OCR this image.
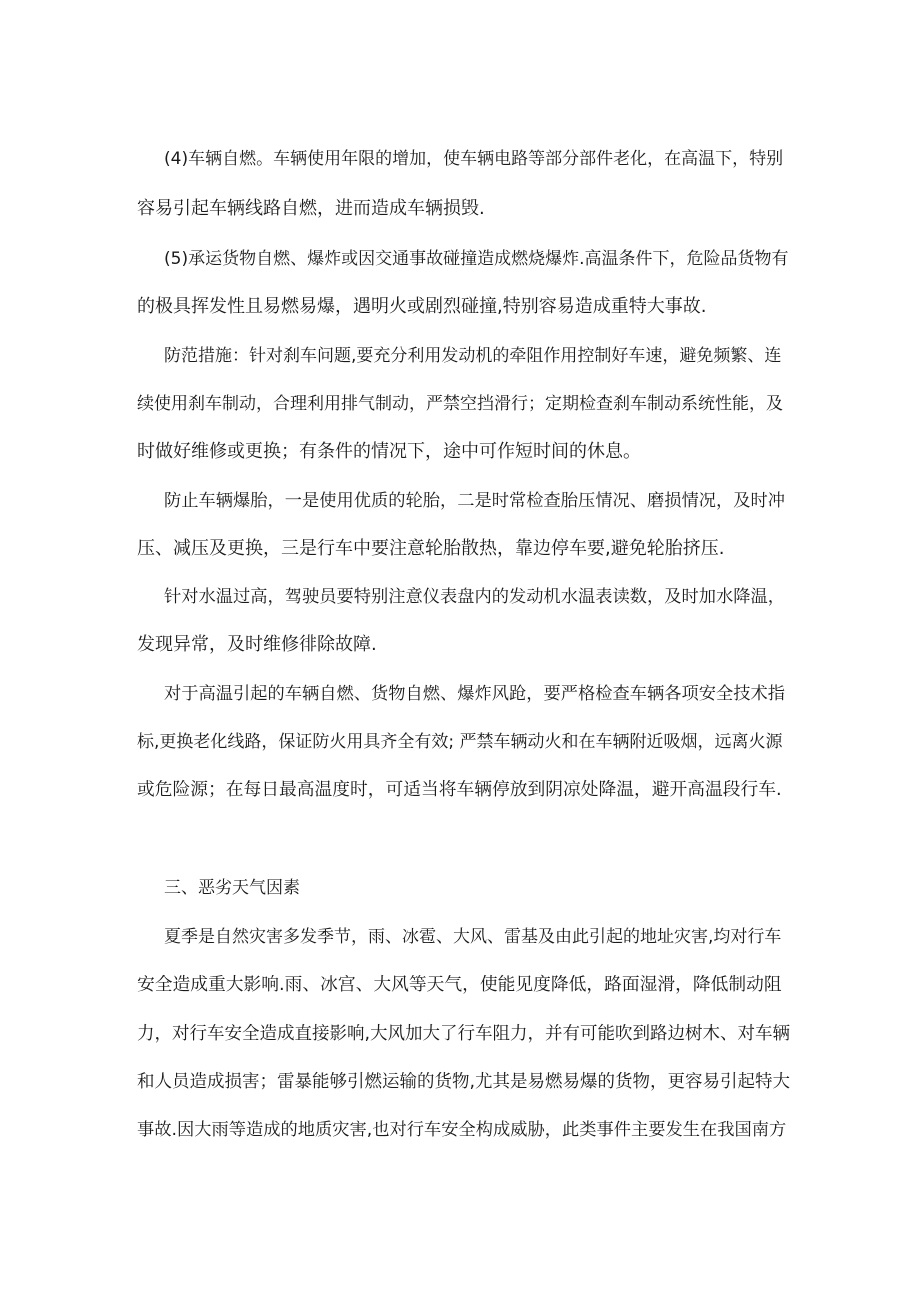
(4)车辆自燃。车辆使用年限的增加，使车辆电路等部分部件老化，在高温下，特别
容易引起车辆线路自燃，进而造成车辆损毁.
(5)承运货物自燃、爆炸或因交通事故碰撞造成燃烧爆炸.高温条件下，危险品货物有
的极具挥发性且易燃易爆，遇明火或剧烈碰撞,特别容易造成重特大事故.
防范措施：针对刹车问题,要充分利用发动机的牵阻作用控制好车速，避免频繁、连
续使用刹车制动，合理利用排气制动，严禁空挡滑行；定期检查刹车制动系统性能，及
时做好维修或更换；有条件的情况下，途中可作短时间的休息。
防止车辆爆胎，一是使用优质的轮胎，二是时常检查胎压情况、磨损情况，及时冲
压、减压及更换，三是行车中要注意轮胎散热，靠边停车要,避免轮胎挤压.
针对水温过高，驾驶员要特别注意仪表盘内的发动机水温表读数，及时加水降温，
发现异常，及时维修徘除故障.
对于高温引起的车辆自燃、货物自燃、爆炸风跄，要严格检查车辆各项安全技术指
标,更换老化线路，保证防火用具齐全有效; 严禁车辆动火和在车辆附近吸烟，远离火源
或危险源；在每日最高温度时，可适当将车辆停放到阴凉处降温，避开高温段行车.
三、恶劣天气因素
夏季是自然灾害多发季节，雨、冰雹、大风、雷基及由此引起的地址灾害,均对行车
安全造成重大影响.雨、冰宫、大风等天气，使能见度降低，路面湿滑，降低制动阻
力，对行车安全造成直接影响,大风加大了行车阻力，并有可能吹到路边树木、对车辆
和人员造成损害；雷暴能够引燃运输的货物,尤其是易燃易爆的货物，更容易引起特大
事故.因大雨等造成的地质灾害,也对行车安全构成威胁，此类事件主要发生在我国南方
